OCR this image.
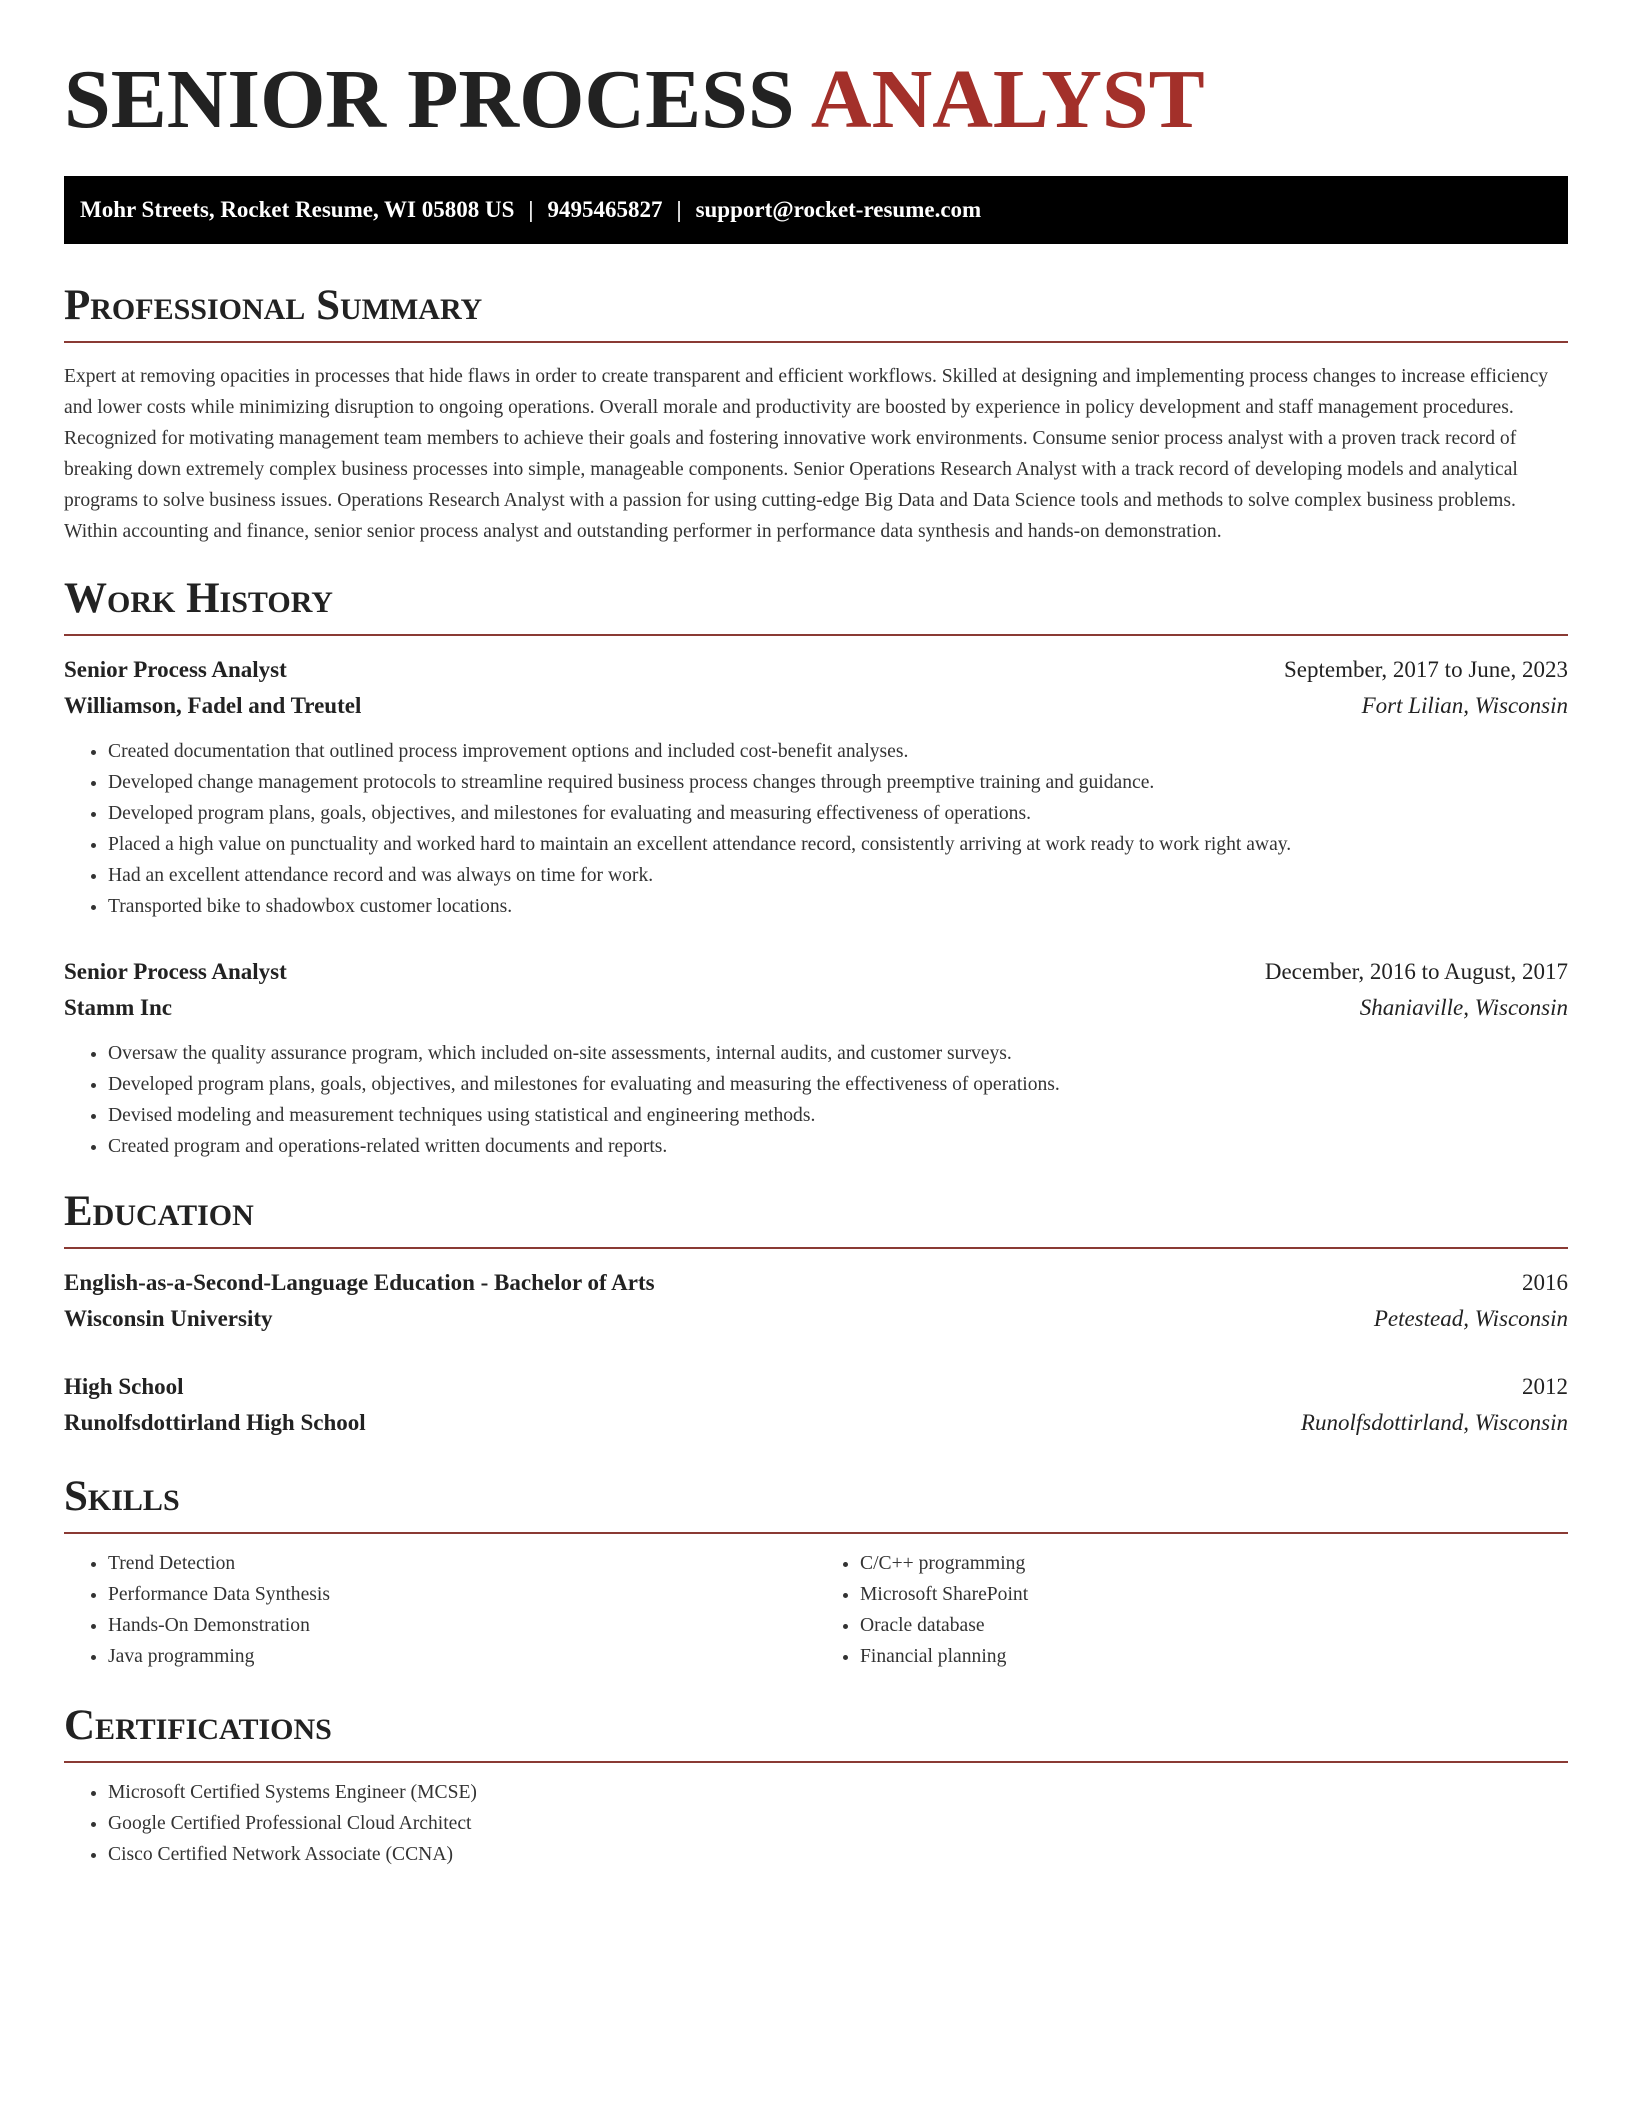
SENIOR PROCESS ANALYST
Mohr Streets, Rocket Resume, WI 05808 US | 9495465827 | support@rocket-resume.com
Professional Summary

Expert at removing opacities in processes that hide flaws in order to create transparent and efficient workflows. Skilled at designing and implementing process changes to increase efficiency and lower costs while minimizing disruption to ongoing operations. Overall morale and productivity are boosted by experience in policy development and staff management procedures. Recognized for motivating management team members to achieve their goals and fostering innovative work environments. Consume senior process analyst with a proven track record of breaking down extremely complex business processes into simple, manageable components. Senior Operations Research Analyst with a track record of developing models and analytical programs to solve business issues. Operations Research Analyst with a passion for using cutting-edge Big Data and Data Science tools and methods to solve complex business problems. Within accounting and finance, senior senior process analyst and outstanding performer in performance data synthesis and hands-on demonstration.

Work History
Senior Process Analyst	September, 2017 to June, 2023
Williamson, Fadel and Treutel	Fort Lilian, Wisconsin
• Created documentation that outlined process improvement options and included cost-benefit analyses.
• Developed change management protocols to streamline required business process changes through preemptive training and guidance.
• Developed program plans, goals, objectives, and milestones for evaluating and measuring effectiveness of operations.
• Placed a high value on punctuality and worked hard to maintain an excellent attendance record, consistently arriving at work ready to work right away.
• Had an excellent attendance record and was always on time for work.
• Transported bike to shadowbox customer locations.
Senior Process Analyst	December, 2016 to August, 2017
Stamm Inc	Shaniaville, Wisconsin
• Oversaw the quality assurance program, which included on-site assessments, internal audits, and customer surveys.
• Developed program plans, goals, objectives, and milestones for evaluating and measuring the effectiveness of operations.
• Devised modeling and measurement techniques using statistical and engineering methods.
• Created program and operations-related written documents and reports.
Education
English-as-a-Second-Language Education - Bachelor of Arts	2016
Wisconsin University	Petestead, Wisconsin
High School	2012
Runolfsdottirland High School	Runolfsdottirland, Wisconsin
Skills
• Trend Detection
• Performance Data Synthesis
• Hands-On Demonstration
• Java programming
• C/C++ programming
• Microsoft SharePoint
• Oracle database
• Financial planning
Certifications
• Microsoft Certified Systems Engineer (MCSE)
• Google Certified Professional Cloud Architect
• Cisco Certified Network Associate (CCNA)
